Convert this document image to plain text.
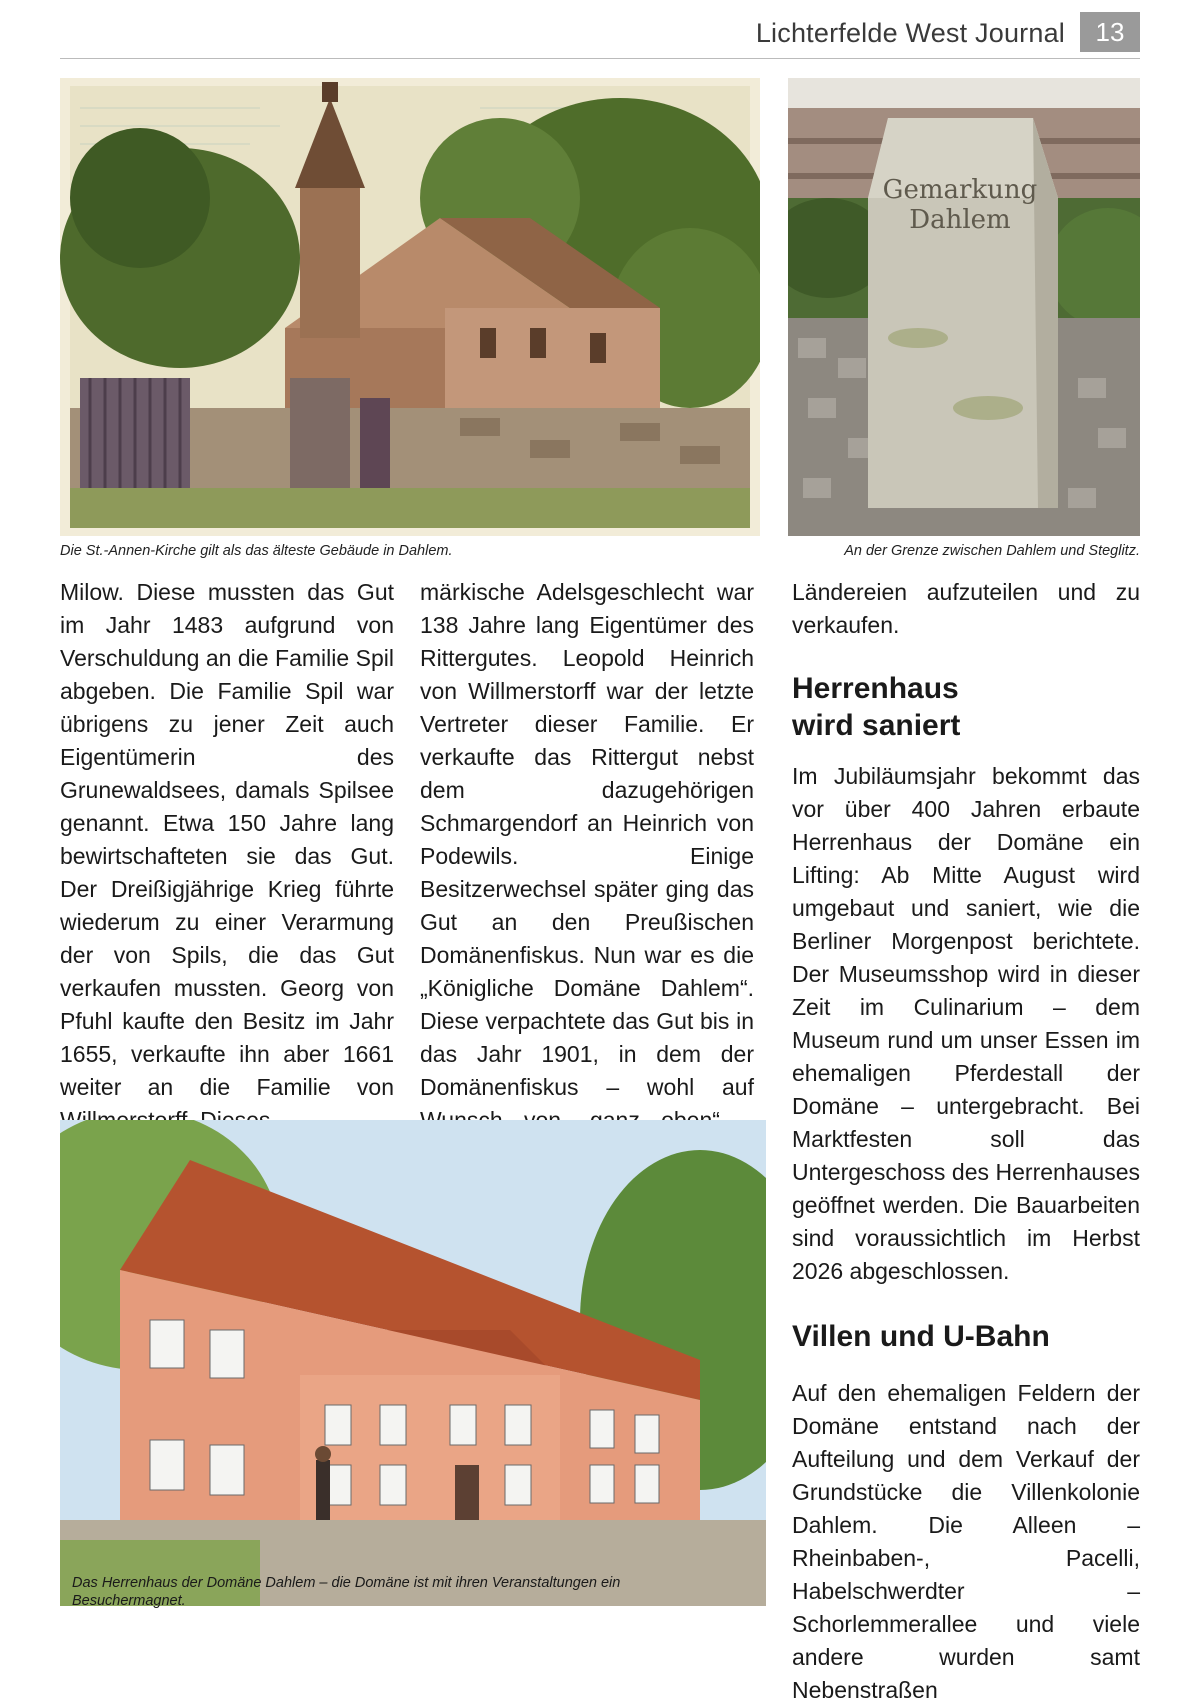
Lichterfelde West Journal	13
Die St.-Annen-Kirche gilt als das älteste Gebäude in Dahlem.
Gemarkung
Dahlem
An der Grenze zwischen Dahlem und Steglitz.

Milow. Diese mussten das Gut im Jahr 1483 aufgrund von Verschuldung an die Familie Spil abgeben. Die Familie Spil war übrigens zu jener Zeit auch Eigentümerin des Grunewaldsees, damals Spilsee genannt. Etwa 150 Jahre lang bewirtschafteten sie das Gut. Der Dreißigjährige Krieg führte wiederum zu einer Verarmung der von Spils, die das Gut verkaufen mussten. Georg von Pfuhl kaufte den Besitz im Jahr 1655, verkaufte ihn aber 1661 weiter an die Familie von

märkische Adelsgeschlecht war 138 Jahre lang Eigentümer des Rittergutes. Leopold Heinrich von Willmerstorff war der letzte Vertreter dieser Familie. Er verkaufte das Rittergut nebst dem dazugehörigen Schmargendorf an Heinrich von Podewils. Einige Besitzerwechsel später ging das Gut an den Preußischen Domänenfiskus. Nun war es die „Königliche Domäne Dahlem“. Diese verpachtete das Gut bis in das Jahr 1901, in dem der Domänenfiskus – wohl auf

Ländereien aufzuteilen und zu verkaufen.

Herrenhaus wird saniert

Im Jubiläumsjahr bekommt das vor über 400 Jahren erbaute Herrenhaus der Domäne ein Lifting: Ab Mitte August wird umgebaut und saniert, wie die Berliner Morgenpost berichtete. Der Museumsshop wird in dieser Zeit im Culinarium – dem Museum rund um unser Essen im ehemaligen Pferdestall der Domäne – untergebracht. Bei Marktfesten soll das Untergeschoss des Herrenhauses geöffnet werden. Die Bauarbeiten sind voraussichtlich im Herbst 2026 abgeschlossen.

Villen und U-Bahn

Auf den ehemaligen Feldern der Domäne entstand nach der Aufteilung und dem Verkauf der Grundstücke die Villenkolonie Dahlem. Die Alleen – Rheinbaben-, Pacelli, Habelschwerdter – Schorlemmerallee und viele andere wurden samt Nebenstraßen

Das Herrenhaus der Domäne Dahlem – die Domäne ist mit ihren Veranstaltungen ein Besuchermagnet.
